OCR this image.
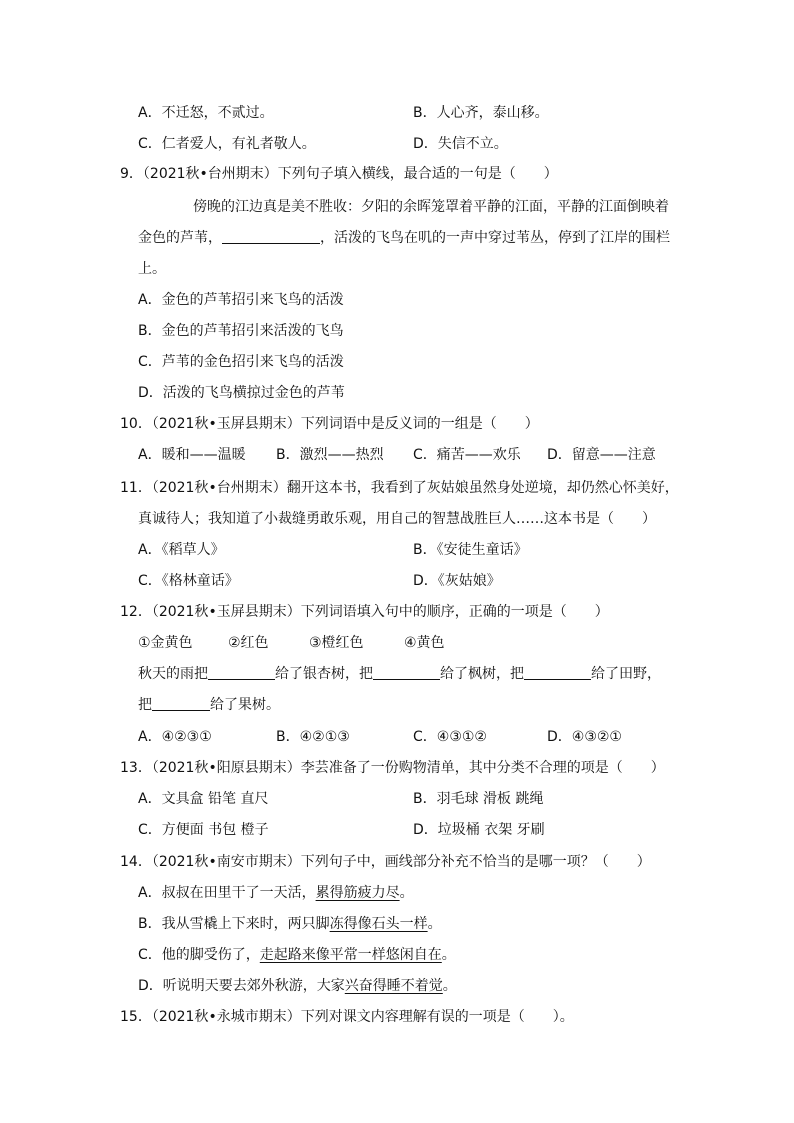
A．不迁怒，不贰过。	B．人心齐，泰山移。
C．仁者爱人，有礼者敬人。	D．失信不立。
9．（2021秋•台州期末）下列句子填入横线，最合适的一句是（　　）
傍晚的江边真是美不胜收：夕阳的余晖笼罩着平静的江面，平静的江面倒映着
金色的芦苇，	，活泼的飞鸟在叽的一声中穿过苇丛，停到了江岸的围栏
上。
A．金色的芦苇招引来飞鸟的活泼
B．金色的芦苇招引来活泼的飞鸟
C．芦苇的金色招引来飞鸟的活泼
D．活泼的飞鸟横掠过金色的芦苇
10．（2021秋•玉屏县期末）下列词语中是反义词的一组是（　　）
A．暖和——温暖 B．激烈——热烈 C．痛苦——欢乐 D．留意——注意
11．（2021秋•台州期末）翻开这本书，我看到了灰姑娘虽然身处逆境，却仍然心怀美好，
真诚待人；我知道了小裁缝勇敢乐观，用自己的智慧战胜巨人……这本书是（　　）
A．《稻草人》	B．《安徒生童话》
C．《格林童话》	D．《灰姑娘》
12．（2021秋•玉屏县期末）下列词语填入句中的顺序，正确的一项是（　　）
①金黄色	②红色	③橙红色	④黄色
秋天的雨把	给了银杏树，把	给了枫树，把	给了田野，
把	给了果树。
A．④②③①	B．④②①③	C．④③①②	D．④③②①
13．（2021秋•阳原县期末）李芸准备了一份购物清单，其中分类不合理的项是（　　）
A．文具盒 铅笔 直尺	B．羽毛球 滑板 跳绳
C．方便面 书包 橙子	D．垃圾桶 衣架 牙刷
14．（2021秋•南安市期末）下列句子中，画线部分补充不恰当的是哪一项？（　　）
A．叔叔在田里干了一天活，累得筋疲力尽。
B．我从雪橇上下来时，两只脚冻得像石头一样。
C．他的脚受伤了，走起路来像平常一样悠闲自在。
D．听说明天要去郊外秋游，大家兴奋得睡不着觉。
15．（2021秋•永城市期末）下列对课文内容理解有误的一项是（　　）。
